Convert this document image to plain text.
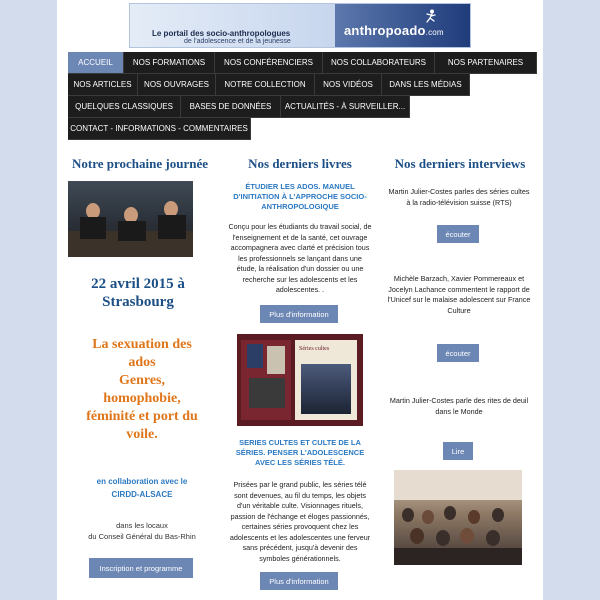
Le portail des socio-anthropologues
de l'adolescence et de la jeunesse
anthropoado.com
ACCUEIL	NOS FORMATIONS	NOS CONFÉRENCIERS	NOS COLLABORATEURS	NOS PARTENAIRES
NOS ARTICLES	NOS OUVRAGES	NOTRE COLLECTION	NOS VIDÉOS	DANS LES MÉDIAS
QUELQUES CLASSIQUES	BASES DE DONNÉES	ACTUALITÉS - À SURVEILLER...
CONTACT - INFORMATIONS - COMMENTAIRES
Notre prochaine journée
22 avril 2015 à
Strasbourg
La sexuation des
ados
Genres,
homophobie,
féminité et port du
voile.
en collaboration avec le
CIRDD-ALSACE
dans les locaux
du Conseil Général du Bas-Rhin
Inscription et programme
Nos derniers livres
ÉTUDIER LES ADOS. MANUEL D'INITIATION À L'APPROCHE SOCIO-ANTHROPOLOGIQUE
Conçu pour les étudiants du travail social, de l'enseignement et de la santé, cet ouvrage accompagnera avec clarté et précision tous les professionnels se lançant dans une étude, la réalisation d'un dossier ou une recherche sur les adolescents et les adolescentes. .
Plus d'information
Séries cultes
SERIES CULTES ET CULTE DE LA SÉRIES. PENSER L'ADOLESCENCE AVEC LES SÉRIES TÉLÉ.
Prisées par le grand public, les séries télé sont devenues, au fil du temps, les objets d'un véritable culte. Visionnages rituels, passion de l'échange et éloges passionnés, certaines séries provoquent chez les adolescents et les adolescentes une ferveur sans précédent, jusqu'à devenir des symboles générationnels.
Plus d'information
Nos derniers interviews
Martin Julier-Costes parles des séries cultes à la radio-télévision suisse (RTS)
écouter
Michèle Barzach, Xavier Pommereaux et Jocelyn Lachance commentent le rapport de l'Unicef sur le malaise adolescent sur France Culture
écouter
Martin Julier-Costes parle des rites de deuil dans le Monde
Lire
